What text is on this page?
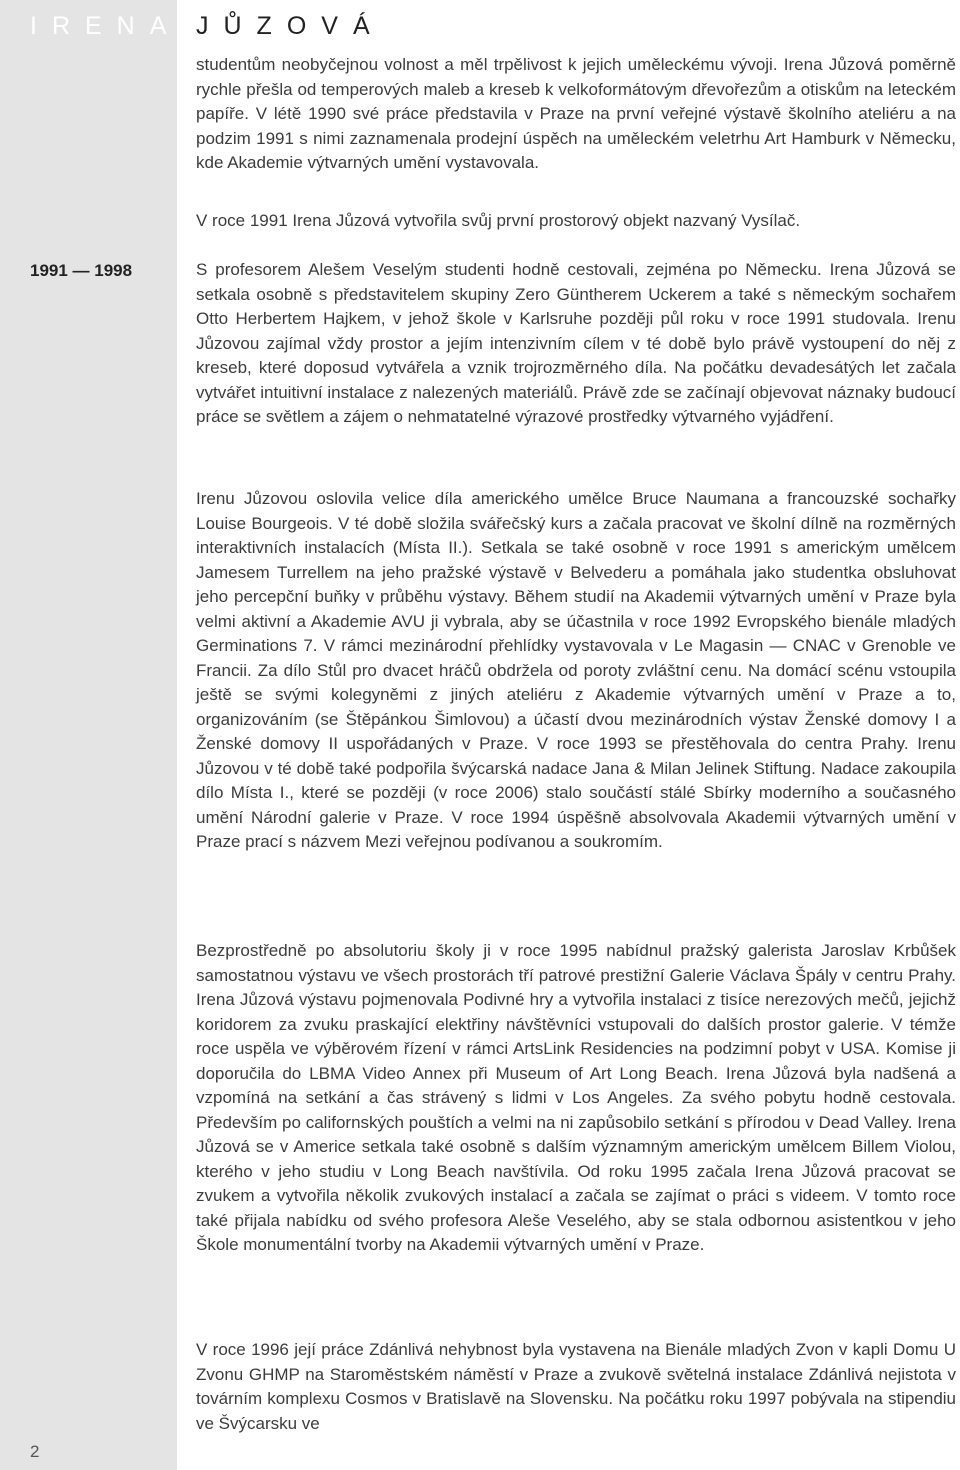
IRENA JŮZOVÁ
1991 — 1998
2

studentům neobyčejnou volnost a měl trpělivost k jejich uměleckému vývoji. Irena Jůzová poměrně rychle přešla od temperových maleb a kreseb k velkoformátovým dřevořezům a otiskům na leteckém papíře. V létě 1990 své práce představila v Praze na první veřejné výstavě školního ateliéru a na podzim 1991 s nimi zaznamenala prodejní úspěch na uměleckém veletrhu Art Hamburk v Německu, kde Akademie výtvarných umění vystavovala.

V roce 1991 Irena Jůzová vytvořila svůj první prostorový objekt nazvaný Vysílač.

S profesorem Alešem Veselým studenti hodně cestovali, zejména po Německu. Irena Jůzová se setkala osobně s představitelem skupiny Zero Güntherem Uckerem a také s německým sochařem Otto Herbertem Hajkem, v jehož škole v Karlsruhe později půl roku v roce 1991 studovala. Irenu Jůzovou zajímal vždy prostor a jejím intenzivním cílem v té době bylo právě vystoupení do něj z kreseb, které doposud vytvářela a vznik trojrozměrného díla. Na počátku devadesátých let začala vytvářet intuitivní instalace z nalezených materiálů. Právě zde se začínají objevovat náznaky budoucí práce se světlem a zájem o nehmatatelné výrazové prostředky výtvarného vyjádření.

Irenu Jůzovou oslovila velice díla amerického umělce Bruce Naumana a francouzské sochařky Louise Bourgeois. V té době složila svářečský kurs a začala pracovat ve školní dílně na rozměrných interaktivních instalacích (Místa II.). Setkala se také osobně v roce 1991 s americkým umělcem Jamesem Turrellem na jeho pražské výstavě v Belvederu a pomáhala jako studentka obsluhovat jeho percepční buňky v průběhu výstavy. Během studií na Akademii výtvarných umění v Praze byla velmi aktivní a Akademie AVU ji vybrala, aby se účastnila v roce 1992 Evropského bienále mladých Germinations 7. V rámci mezinárodní přehlídky vystavovala v Le Magasin — CNAC v Grenoble ve Francii. Za dílo Stůl pro dvacet hráčů obdržela od poroty zvláštní cenu. Na domácí scénu vstoupila ještě se svými kolegyněmi z jiných ateliéru z Akademie výtvarných umění v Praze a to, organizováním (se Štěpánkou Šimlovou) a účastí dvou mezinárodních výstav Ženské domovy I a Ženské domovy II uspořádaných v Praze. V roce 1993 se přestěhovala do centra Prahy. Irenu Jůzovou v té době také podpořila švýcarská nadace Jana & Milan Jelinek Stiftung. Nadace zakoupila dílo Místa I., které se později (v roce 2006) stalo součástí stálé Sbírky moderního a současného umění Národní galerie v Praze. V roce 1994 úspěšně absolvovala Akademii výtvarných umění v Praze prací s názvem Mezi veřejnou podívanou a soukromím.

Bezprostředně po absolutoriu školy ji v roce 1995 nabídnul pražský galerista Jaroslav Krbůšek samostatnou výstavu ve všech prostorách tří patrové prestižní Galerie Václava Špály v centru Prahy. Irena Jůzová výstavu pojmenovala Podivné hry a vytvořila instalaci z tisíce nerezových mečů, jejichž koridorem za zvuku praskající elektřiny návštěvníci vstupovali do dalších prostor galerie. V témže roce uspěla ve výběrovém řízení v rámci ArtsLink Residencies na podzimní pobyt v USA. Komise ji doporučila do LBMA Video Annex při Museum of Art Long Beach. Irena Jůzová byla nadšená a vzpomíná na setkání a čas strávený s lidmi v Los Angeles. Za svého pobytu hodně cestovala. Především po californských pouštích a velmi na ni zapůsobilo setkání s přírodou v Dead Valley. Irena Jůzová se v Americe setkala také osobně s dalším významným americkým umělcem Billem Violou, kterého v jeho studiu v Long Beach navštívila. Od roku 1995 začala Irena Jůzová pracovat se zvukem a vytvořila několik zvukových instalací a začala se zajímat o práci s videem. V tomto roce také přijala nabídku od svého profesora Aleše Veselého, aby se stala odbornou asistentkou v jeho Škole monumentální tvorby na Akademii výtvarných umění v Praze.

V roce 1996 její práce Zdánlivá nehybnost byla vystavena na Bienále mladých Zvon v kapli Domu U Zvonu GHMP na Staroměstském náměstí v Praze a zvukově světelná instalace Zdánlivá nejistota v továrním komplexu Cosmos v Bratislavě na Slovensku. Na počátku roku 1997 pobývala na stipendiu ve Švýcarsku ve
